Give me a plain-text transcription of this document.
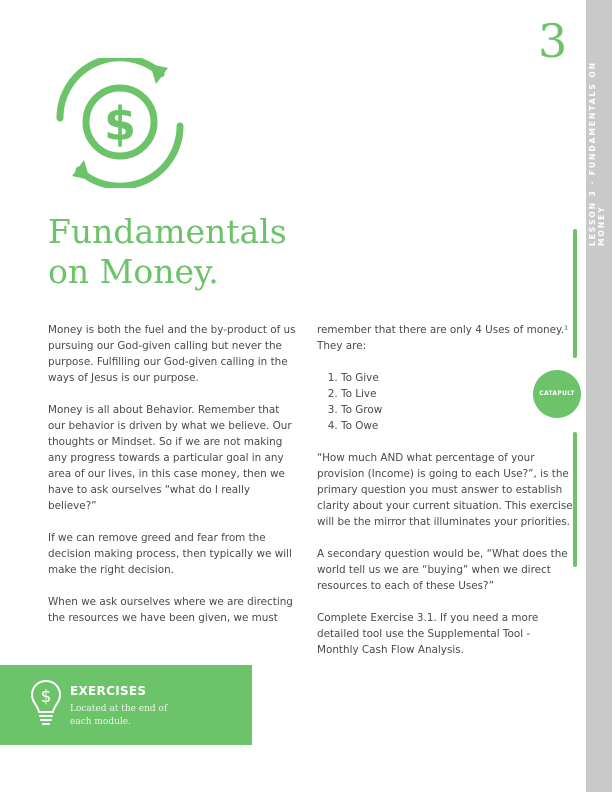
LESSON 3 · FUNDAMENTALS ON MONEY
3
$
Fundamentals
on Money.

Money is both the fuel and the by-product of us pursuing our God-given calling but never the purpose. Fulfilling our God-given calling in the ways of Jesus is our purpose.

Money is all about Behavior. Remember that our behavior is driven by what we believe. Our thoughts or Mindset. So if we are not making any progress towards a particular goal in any area of our lives, in this case money, then we have to ask ourselves “what do I really believe?”

If we can remove greed and fear from the decision making process, then typically we will make the right decision.

When we ask ourselves where we are directing the resources we have been given, we must

remember that there are only 4 Uses of money.¹ They are:

1. To Give
2. To Live
3. To Grow
4. To Owe

“How much AND what percentage of your provision (Income) is going to each Use?”, is the primary question you must answer to establish clarity about your current situation. This exercise will be the mirror that illuminates your priorities.

A secondary question would be, “What does the world tell us we are “buying” when we direct resources to each of these Uses?”

Complete Exercise 3.1. If you need a more detailed tool use the Supplemental Tool - Monthly Cash Flow Analysis.

CATAPULT
$ EXERCISES
Located at the end of each module.
